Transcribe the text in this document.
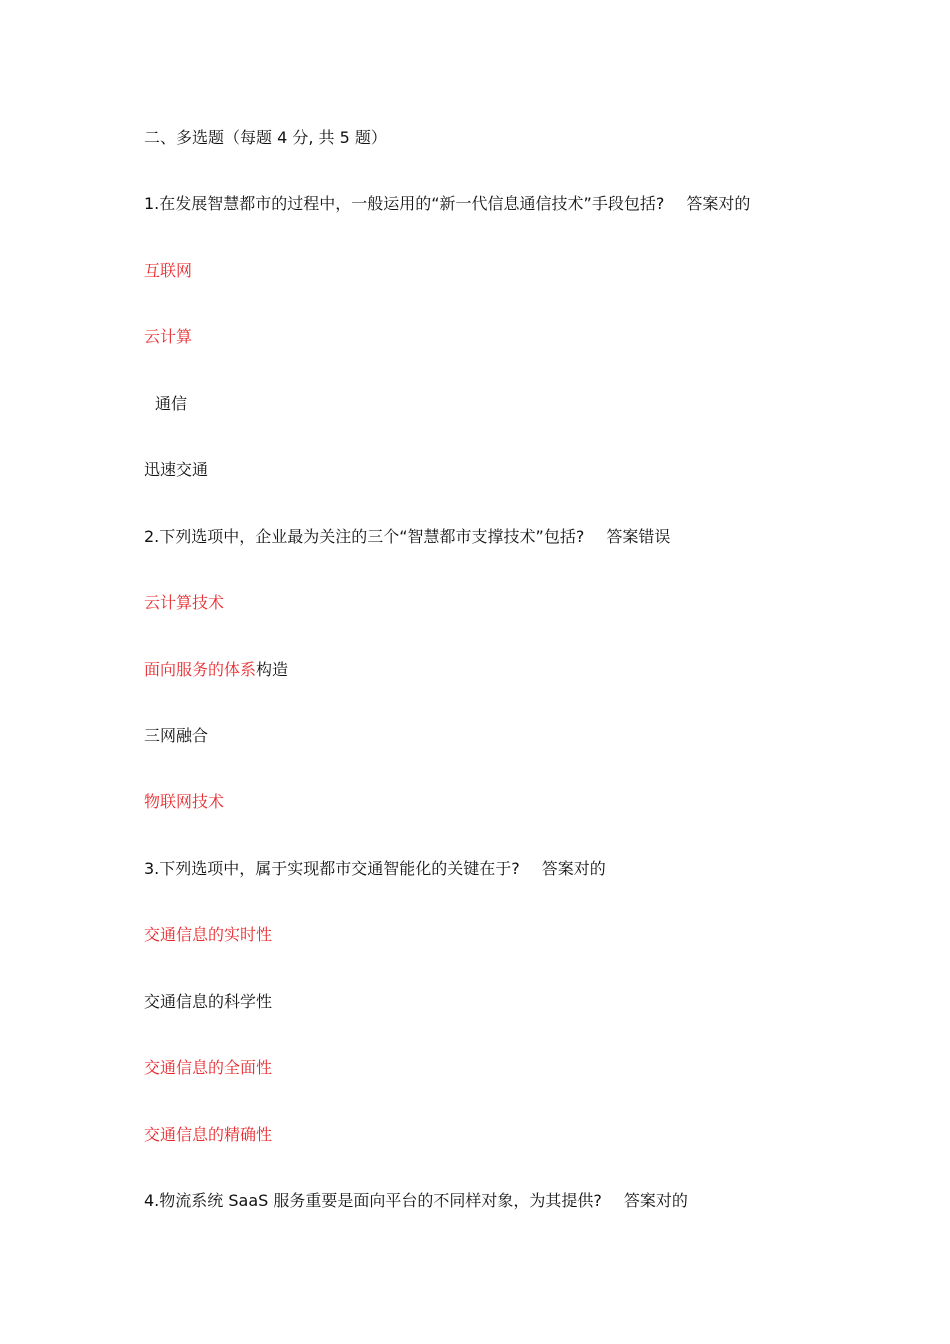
二、多选题（每题 4 分, 共 5 题）
1.在发展智慧都市的过程中，一般运用的“新一代信息通信技术”手段包括? 答案对的
互联网
云计算
通信
迅速交通
2.下列选项中，企业最为关注的三个“智慧都市支撑技术”包括? 答案错误
云计算技术
面向服务的体系构造
三网融合
物联网技术
3.下列选项中，属于实现都市交通智能化的关键在于? 答案对的
交通信息的实时性
交通信息的科学性
交通信息的全面性
交通信息的精确性
4.物流系统 SaaS 服务重要是面向平台的不同样对象，为其提供? 答案对的
